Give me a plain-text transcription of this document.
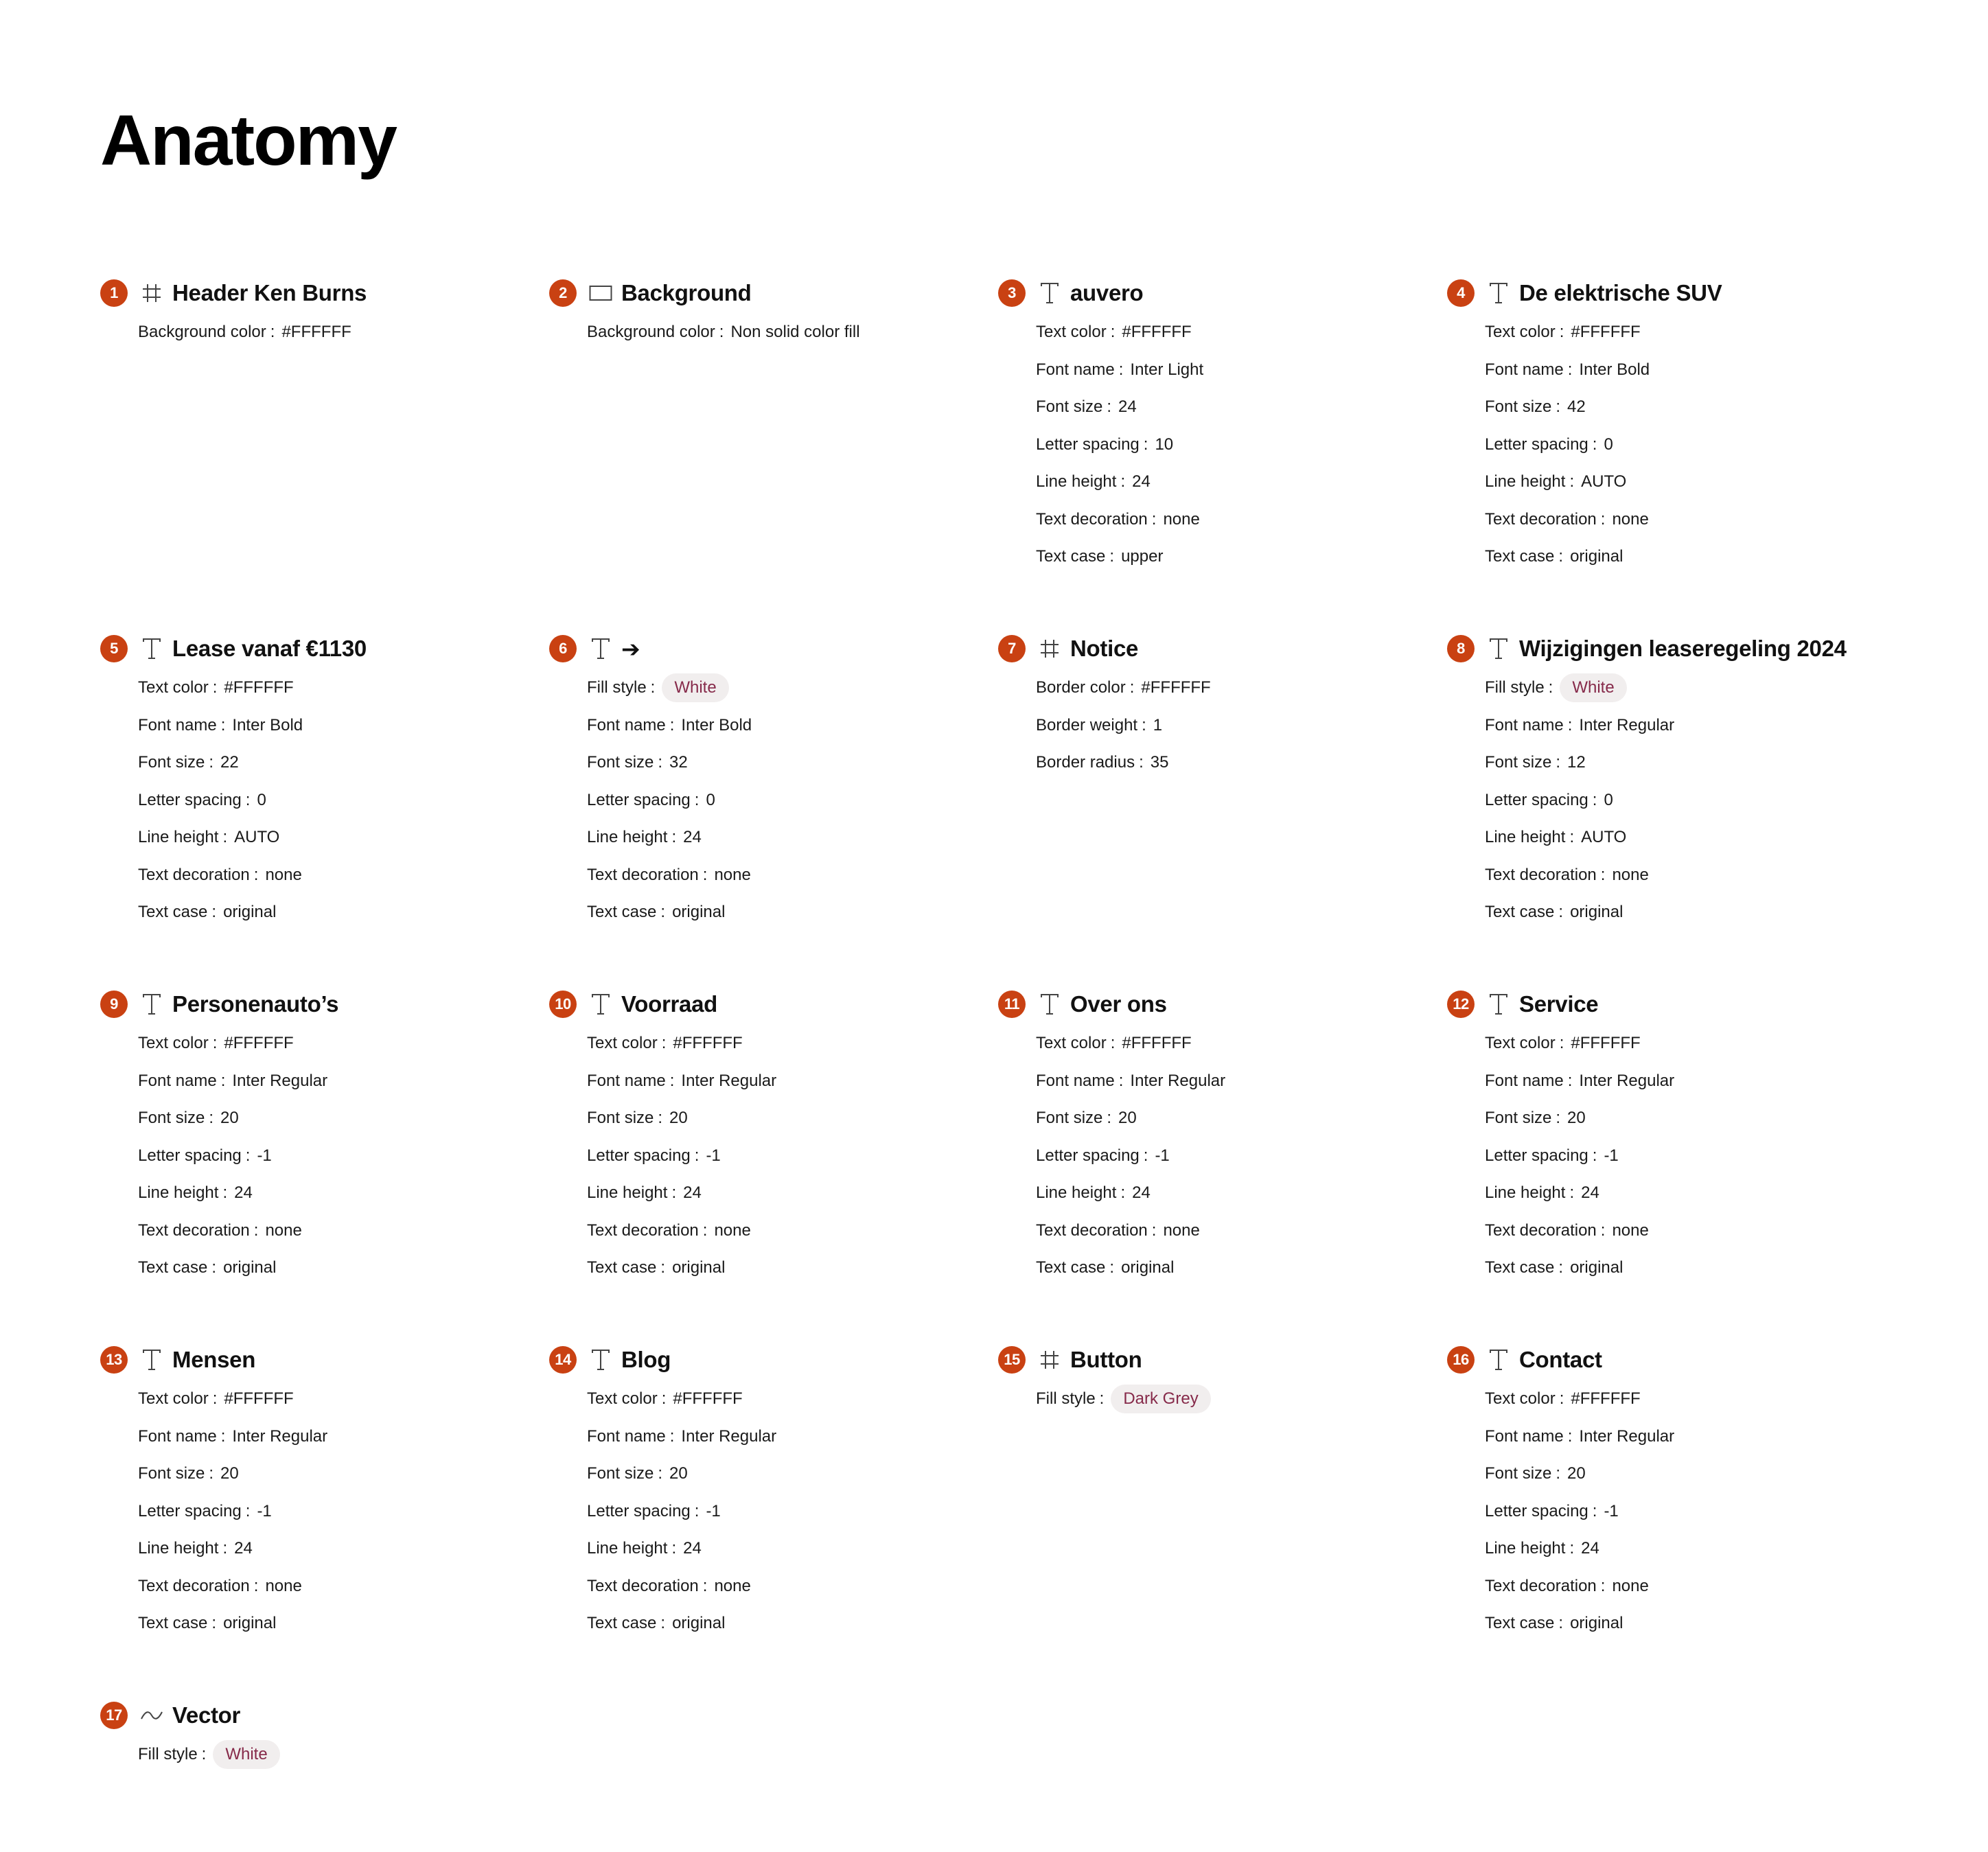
Anatomy
1	Header Ken Burns
Background color : #FFFFFF
2	Background
Background color : Non solid color fill
3	auvero
Text color : #FFFFFF
Font name : Inter Light
Font size : 24
Letter spacing : 10
Line height : 24
Text decoration : none
Text case : upper
4	De elektrische SUV
Text color : #FFFFFF
Font name : Inter Bold
Font size : 42
Letter spacing : 0
Line height : AUTO
Text decoration : none
Text case : original
5	Lease vanaf €1130
Text color : #FFFFFF
Font name : Inter Bold
Font size : 22
Letter spacing : 0
Line height : AUTO
Text decoration : none
Text case : original
6	➔
Fill style :	White
Font name : Inter Bold
Font size : 32
Letter spacing : 0
Line height : 24
Text decoration : none
Text case : original
7	Notice
Border color : #FFFFFF
Border weight : 1
Border radius : 35
8	Wijzigingen leaseregeling 2024
Fill style :	White
Font name : Inter Regular
Font size : 12
Letter spacing : 0
Line height : AUTO
Text decoration : none
Text case : original
9	Personenauto’s
Text color : #FFFFFF
Font name : Inter Regular
Font size : 20
Letter spacing : -1
Line height : 24
Text decoration : none
Text case : original
10 Voorraad
Text color : #FFFFFF
Font name : Inter Regular
Font size : 20
Letter spacing : -1
Line height : 24
Text decoration : none
Text case : original
11 Over ons
Text color : #FFFFFF
Font name : Inter Regular
Font size : 20
Letter spacing : -1
Line height : 24
Text decoration : none
Text case : original
12 Service
Text color : #FFFFFF
Font name : Inter Regular
Font size : 20
Letter spacing : -1
Line height : 24
Text decoration : none
Text case : original
13 Mensen
Text color : #FFFFFF
Font name : Inter Regular
Font size : 20
Letter spacing : -1
Line height : 24
Text decoration : none
Text case : original
14 Blog
Text color : #FFFFFF
Font name : Inter Regular
Font size : 20
Letter spacing : -1
Line height : 24
Text decoration : none
Text case : original
15 Button
Fill style :	Dark Grey
16 Contact
Text color : #FFFFFF
Font name : Inter Regular
Font size : 20
Letter spacing : -1
Line height : 24
Text decoration : none
Text case : original
17 Vector
Fill style :	White
